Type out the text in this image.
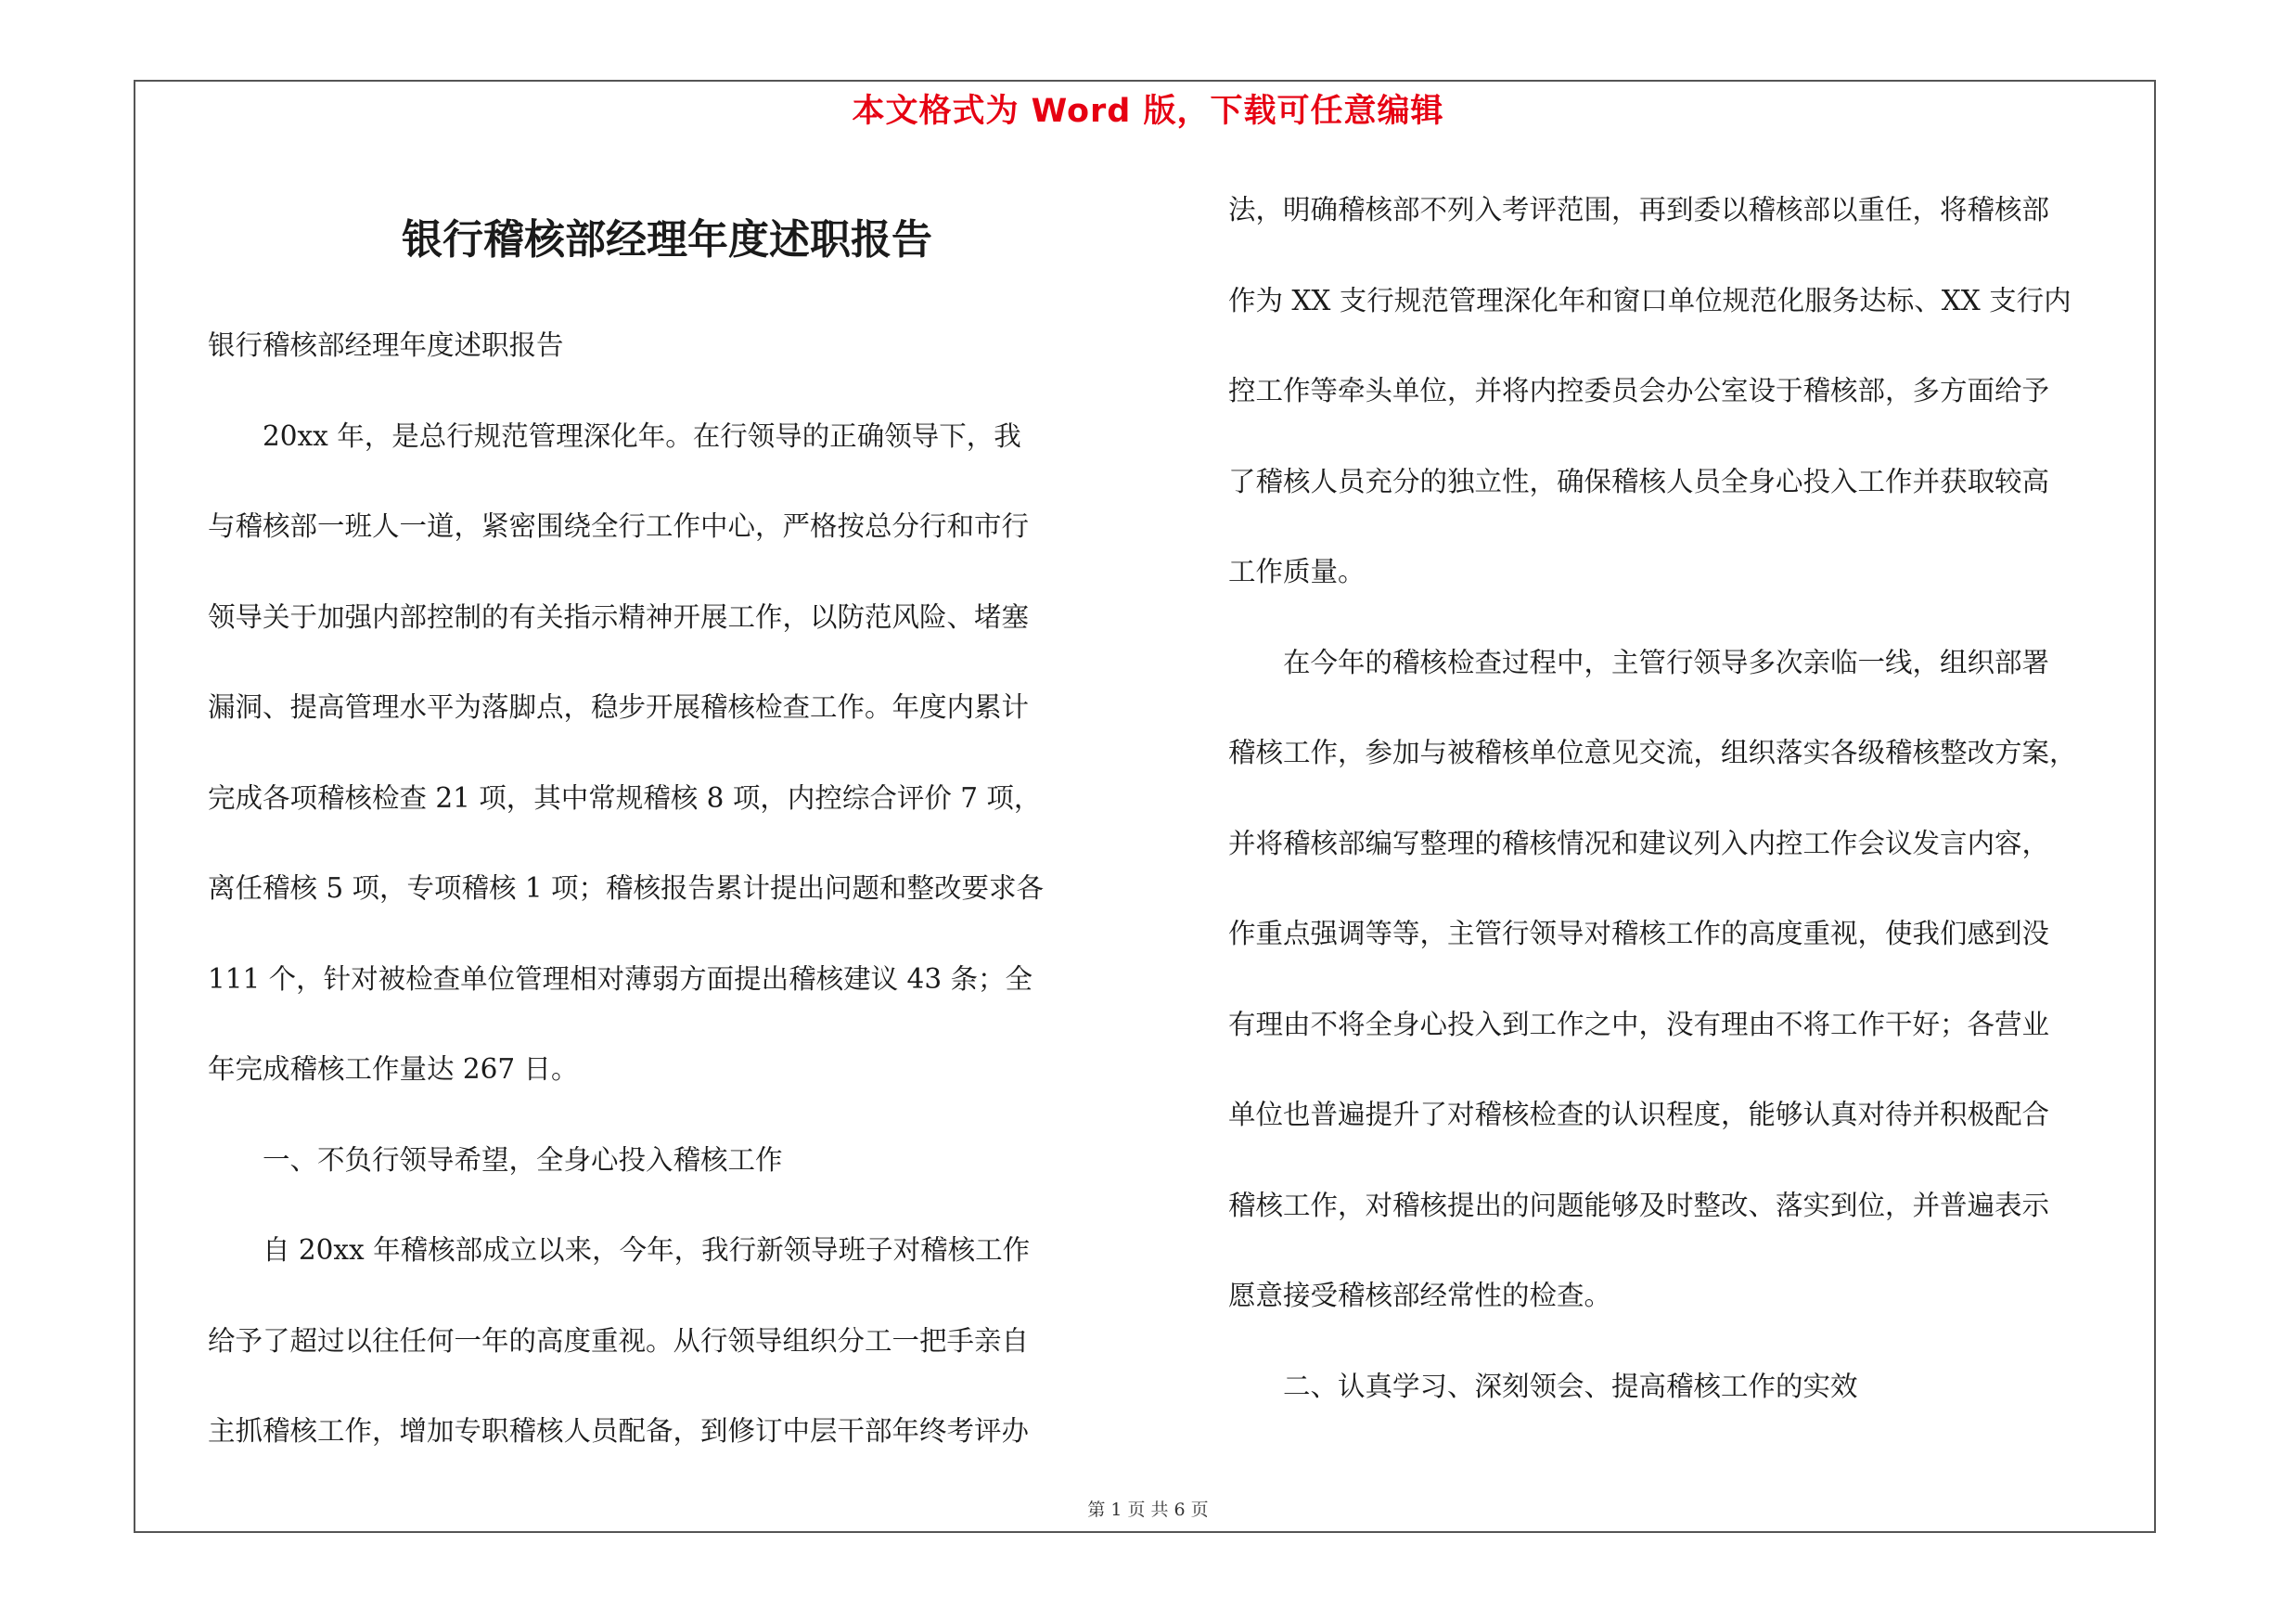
本文格式为 Word 版，下载可任意编辑
银行稽核部经理年度述职报告
银行稽核部经理年度述职报告
　　20xx 年，是总行规范管理深化年。在行领导的正确领导下，我
与稽核部一班人一道，紧密围绕全行工作中心，严格按总分行和市行
领导关于加强内部控制的有关指示精神开展工作，以防范风险、堵塞
漏洞、提高管理水平为落脚点，稳步开展稽核检查工作。年度内累计
完成各项稽核检查 21 项，其中常规稽核 8 项，内控综合评价 7 项，
离任稽核 5 项，专项稽核 1 项；稽核报告累计提出问题和整改要求各
111 个，针对被检查单位管理相对薄弱方面提出稽核建议 43 条；全
年完成稽核工作量达 267 日。
　　一、不负行领导希望，全身心投入稽核工作
　　自 20xx 年稽核部成立以来，今年，我行新领导班子对稽核工作
给予了超过以往任何一年的高度重视。从行领导组织分工一把手亲自
主抓稽核工作，增加专职稽核人员配备，到修订中层干部年终考评办
法，明确稽核部不列入考评范围，再到委以稽核部以重任，将稽核部
作为 XX 支行规范管理深化年和窗口单位规范化服务达标、XX 支行内
控工作等牵头单位，并将内控委员会办公室设于稽核部，多方面给予
了稽核人员充分的独立性，确保稽核人员全身心投入工作并获取较高
工作质量。
　　在今年的稽核检查过程中，主管行领导多次亲临一线，组织部署
稽核工作，参加与被稽核单位意见交流，组织落实各级稽核整改方案，
并将稽核部编写整理的稽核情况和建议列入内控工作会议发言内容，
作重点强调等等，主管行领导对稽核工作的高度重视，使我们感到没
有理由不将全身心投入到工作之中，没有理由不将工作干好；各营业
单位也普遍提升了对稽核检查的认识程度，能够认真对待并积极配合
稽核工作，对稽核提出的问题能够及时整改、落实到位，并普遍表示
愿意接受稽核部经常性的检查。
　　二、认真学习、深刻领会、提高稽核工作的实效
第 1 页 共 6 页
